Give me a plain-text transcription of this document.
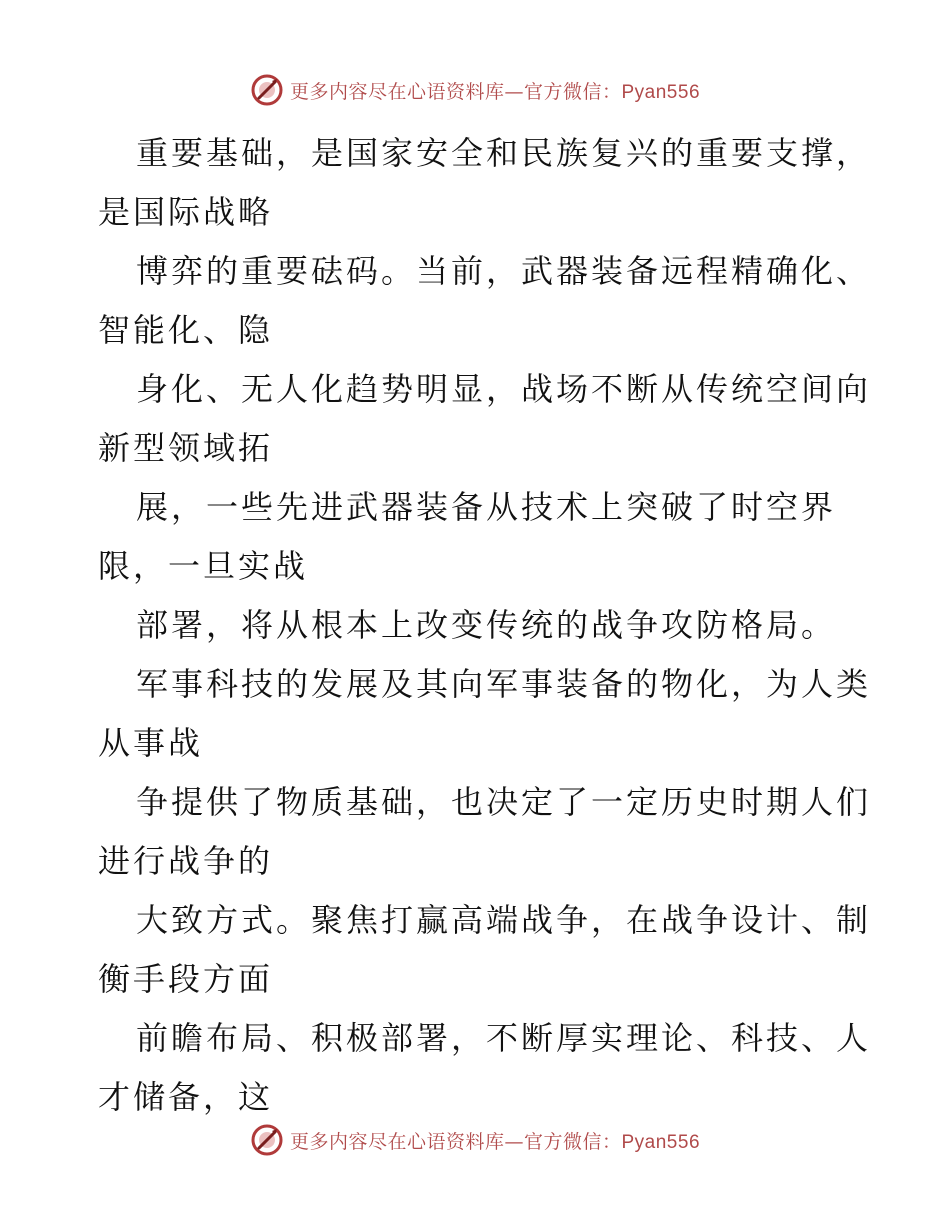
更多内容尽在心语资料库—官方微信：Pyan556

重要基础，是国家安全和民族复兴的重要支撑，
是国际战略

博弈的重要砝码。当前，武器装备远程精确化、
智能化、隐

身化、无人化趋势明显，战场不断从传统空间向
新型领域拓

展，一些先进武器装备从技术上突破了时空界
限，一旦实战

部署，将从根本上改变传统的战争攻防格局。

军事科技的发展及其向军事装备的物化，为人类
从事战

争提供了物质基础，也决定了一定历史时期人们
进行战争的

大致方式。聚焦打赢高端战争，在战争设计、制
衡手段方面

前瞻布局、积极部署，不断厚实理论、科技、人
才储备，这

更多内容尽在心语资料库—官方微信：Pyan556
